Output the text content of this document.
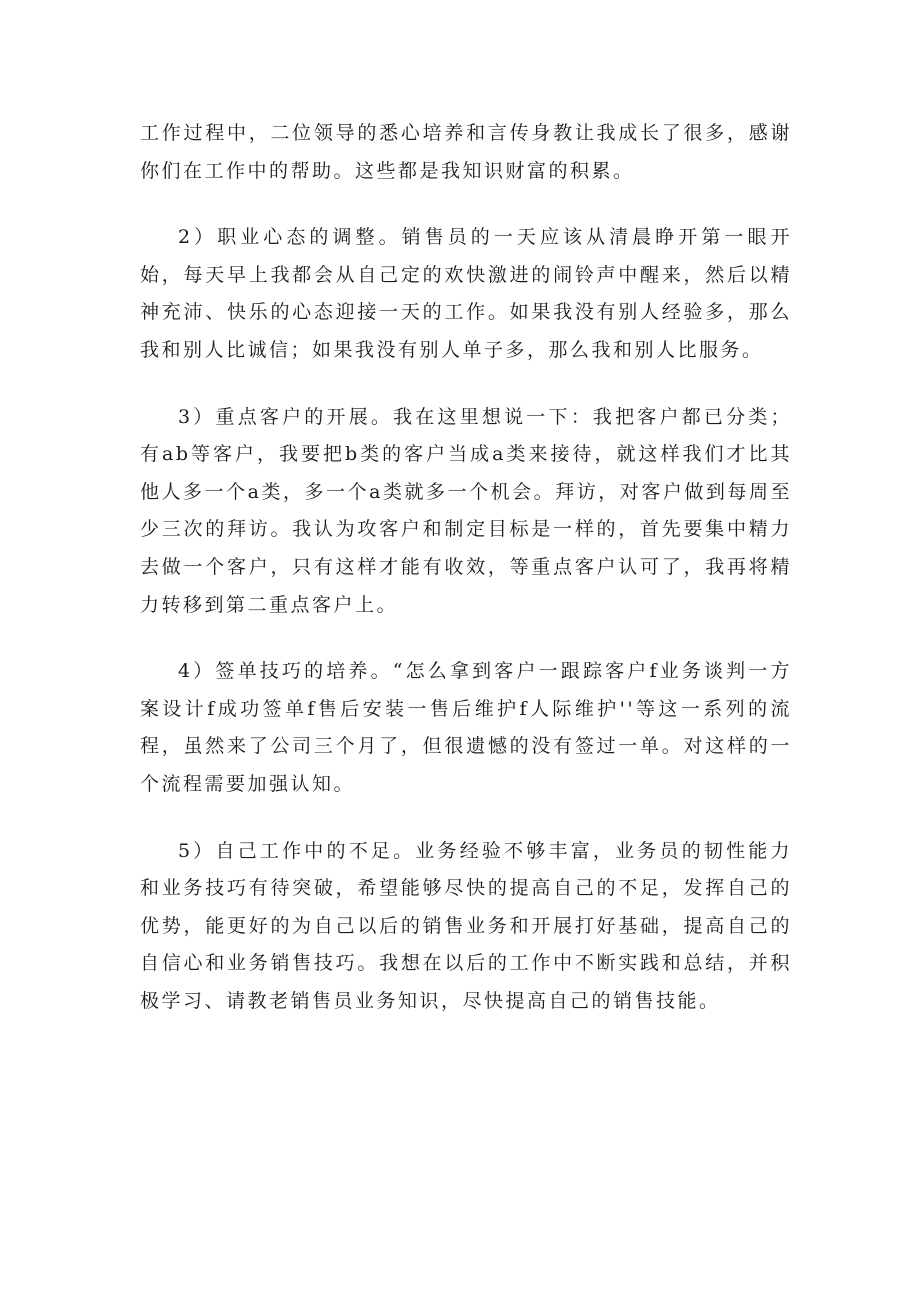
工作过程中，二位领导的悉心培养和言传身教让我成长了很多，感谢你们在工作中的帮助。这些都是我知识财富的积累。

2）职业心态的调整。销售员的一天应该从清晨睁开第一眼开始，每天早上我都会从自己定的欢快激进的闹铃声中醒来，然后以精神充沛、快乐的心态迎接一天的工作。如果我没有别人经验多，那么我和别人比诚信；如果我没有别人单子多，那么我和别人比服务。

3）重点客户的开展。我在这里想说一下：我把客户都已分类；有ab等客户，我要把b类的客户当成a类来接待，就这样我们才比其他人多一个a类，多一个a类就多一个机会。拜访，对客户做到每周至少三次的拜访。我认为攻客户和制定目标是一样的，首先要集中精力去做一个客户，只有这样才能有收效，等重点客户认可了，我再将精力转移到第二重点客户上。

4）签单技巧的培养。“怎么拿到客户一跟踪客户f业务谈判一方案设计f成功签单f售后安装一售后维护f人际维护''等这一系列的流程，虽然来了公司三个月了，但很遗憾的没有签过一单。对这样的一个流程需要加强认知。

5）自己工作中的不足。业务经验不够丰富，业务员的韧性能力和业务技巧有待突破，希望能够尽快的提高自己的不足，发挥自己的优势，能更好的为自己以后的销售业务和开展打好基础，提高自己的自信心和业务销售技巧。我想在以后的工作中不断实践和总结，并积极学习、请教老销售员业务知识，尽快提高自己的销售技能。
